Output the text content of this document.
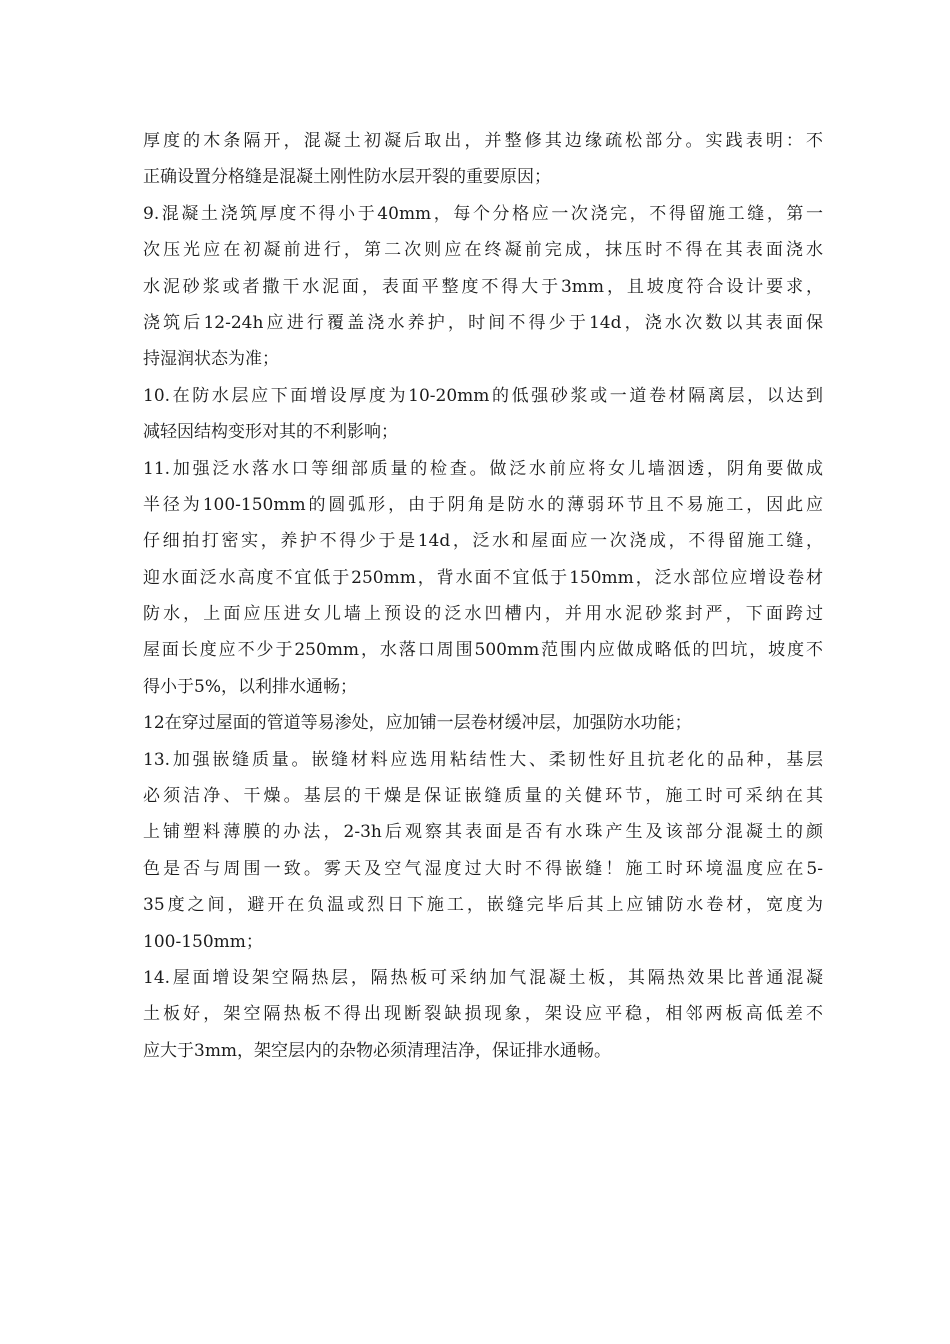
厚度的木条隔开，混凝土初凝后取出，并整修其边缘疏松部分。实践表明：不
正确设置分格缝是混凝土刚性防水层开裂的重要原因；
9.混凝土浇筑厚度不得小于40mm，每个分格应一次浇完，不得留施工缝，第一
次压光应在初凝前进行，第二次则应在终凝前完成，抹压时不得在其表面浇水
水泥砂浆或者撒干水泥面，表面平整度不得大于3mm，且坡度符合设计要求，
浇筑后12-24h应进行覆盖浇水养护，时间不得少于14d，浇水次数以其表面保
持湿润状态为准；
10.在防水层应下面增设厚度为10-20mm的低强砂浆或一道卷材隔离层，以达到
减轻因结构变形对其的不利影响；
11.加强泛水落水口等细部质量的检查。做泛水前应将女儿墙洇透，阴角要做成
半径为100-150mm的圆弧形，由于阴角是防水的薄弱环节且不易施工，因此应
仔细拍打密实，养护不得少于是14d，泛水和屋面应一次浇成，不得留施工缝，
迎水面泛水高度不宜低于250mm，背水面不宜低于150mm，泛水部位应增设卷材
防水，上面应压进女儿墙上预设的泛水凹槽内，并用水泥砂浆封严，下面跨过
屋面长度应不少于250mm，水落口周围500mm范围内应做成略低的凹坑，坡度不
得小于5%，以利排水通畅；
12在穿过屋面的管道等易渗处，应加铺一层卷材缓冲层，加强防水功能；
13.加强嵌缝质量。嵌缝材料应选用粘结性大、柔韧性好且抗老化的品种，基层
必须洁净、干燥。基层的干燥是保证嵌缝质量的关健环节，施工时可采纳在其
上铺塑料薄膜的办法，2-3h后观察其表面是否有水珠产生及该部分混凝土的颜
色是否与周围一致。雾天及空气湿度过大时不得嵌缝！施工时环境温度应在5-
35度之间，避开在负温或烈日下施工，嵌缝完毕后其上应铺防水卷材，宽度为
100-150mm；
14.屋面增设架空隔热层，隔热板可采纳加气混凝土板，其隔热效果比普通混凝
土板好，架空隔热板不得出现断裂缺损现象，架设应平稳，相邻两板高低差不
应大于3mm，架空层内的杂物必须清理洁净，保证排水通畅。
